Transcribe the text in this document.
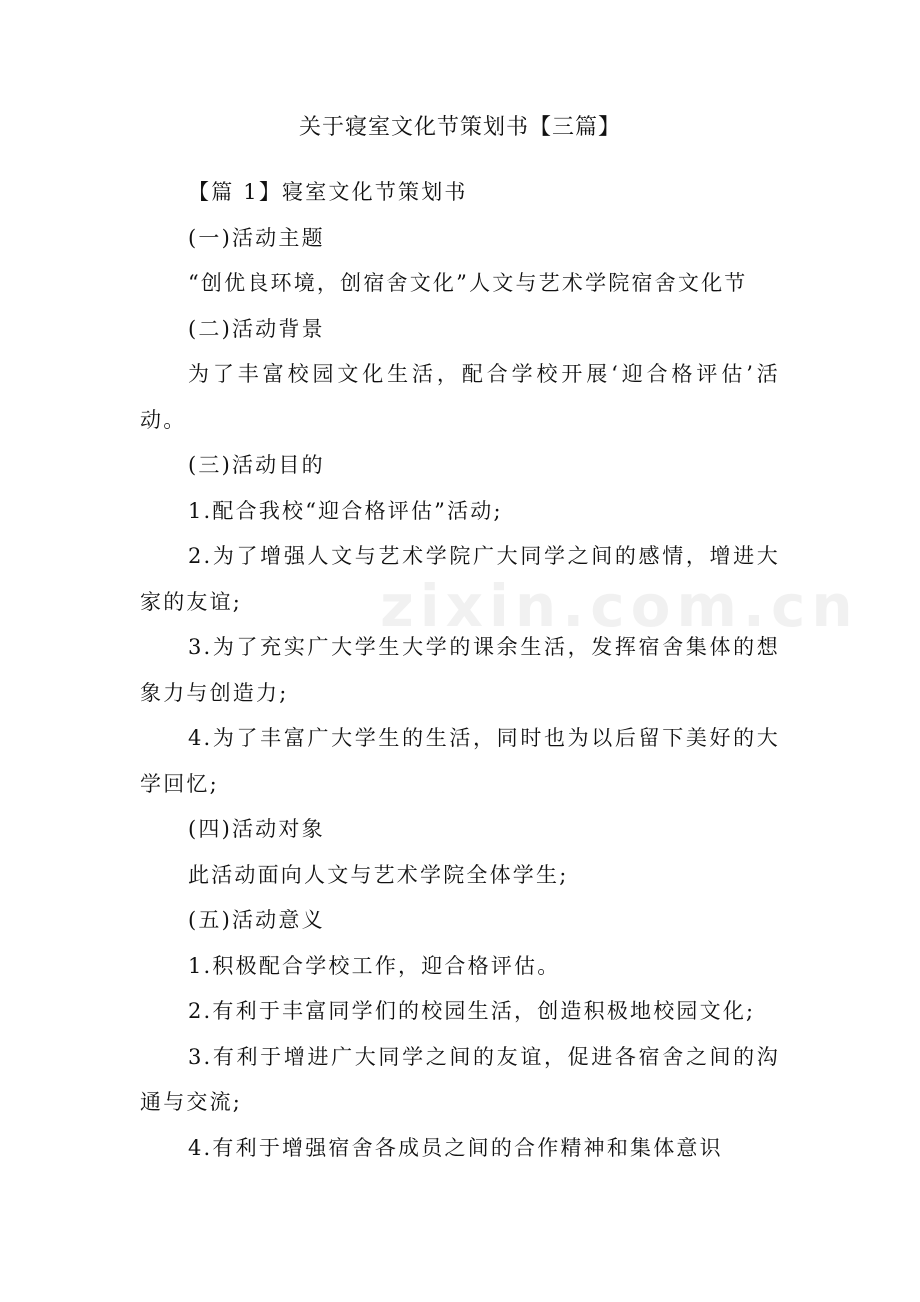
zixin.com.cn
关于寝室文化节策划书【三篇】

【篇 1】寝室文化节策划书

(一)活动主题

“创优良环境，创宿舍文化”人文与艺术学院宿舍文化节

(二)活动背景

为了丰富校园文化生活，配合学校开展‘迎合格评估’活动。

(三)活动目的

1.配合我校“迎合格评估”活动;

2.为了增强人文与艺术学院广大同学之间的感情，增进大家的友谊;

3.为了充实广大学生大学的课余生活，发挥宿舍集体的想象力与创造力;

4.为了丰富广大学生的生活，同时也为以后留下美好的大学回忆;

(四)活动对象

此活动面向人文与艺术学院全体学生;

(五)活动意义

1.积极配合学校工作，迎合格评估。

2.有利于丰富同学们的校园生活，创造积极地校园文化;

3.有利于增进广大同学之间的友谊，促进各宿舍之间的沟通与交流;

4.有利于增强宿舍各成员之间的合作精神和集体意识
